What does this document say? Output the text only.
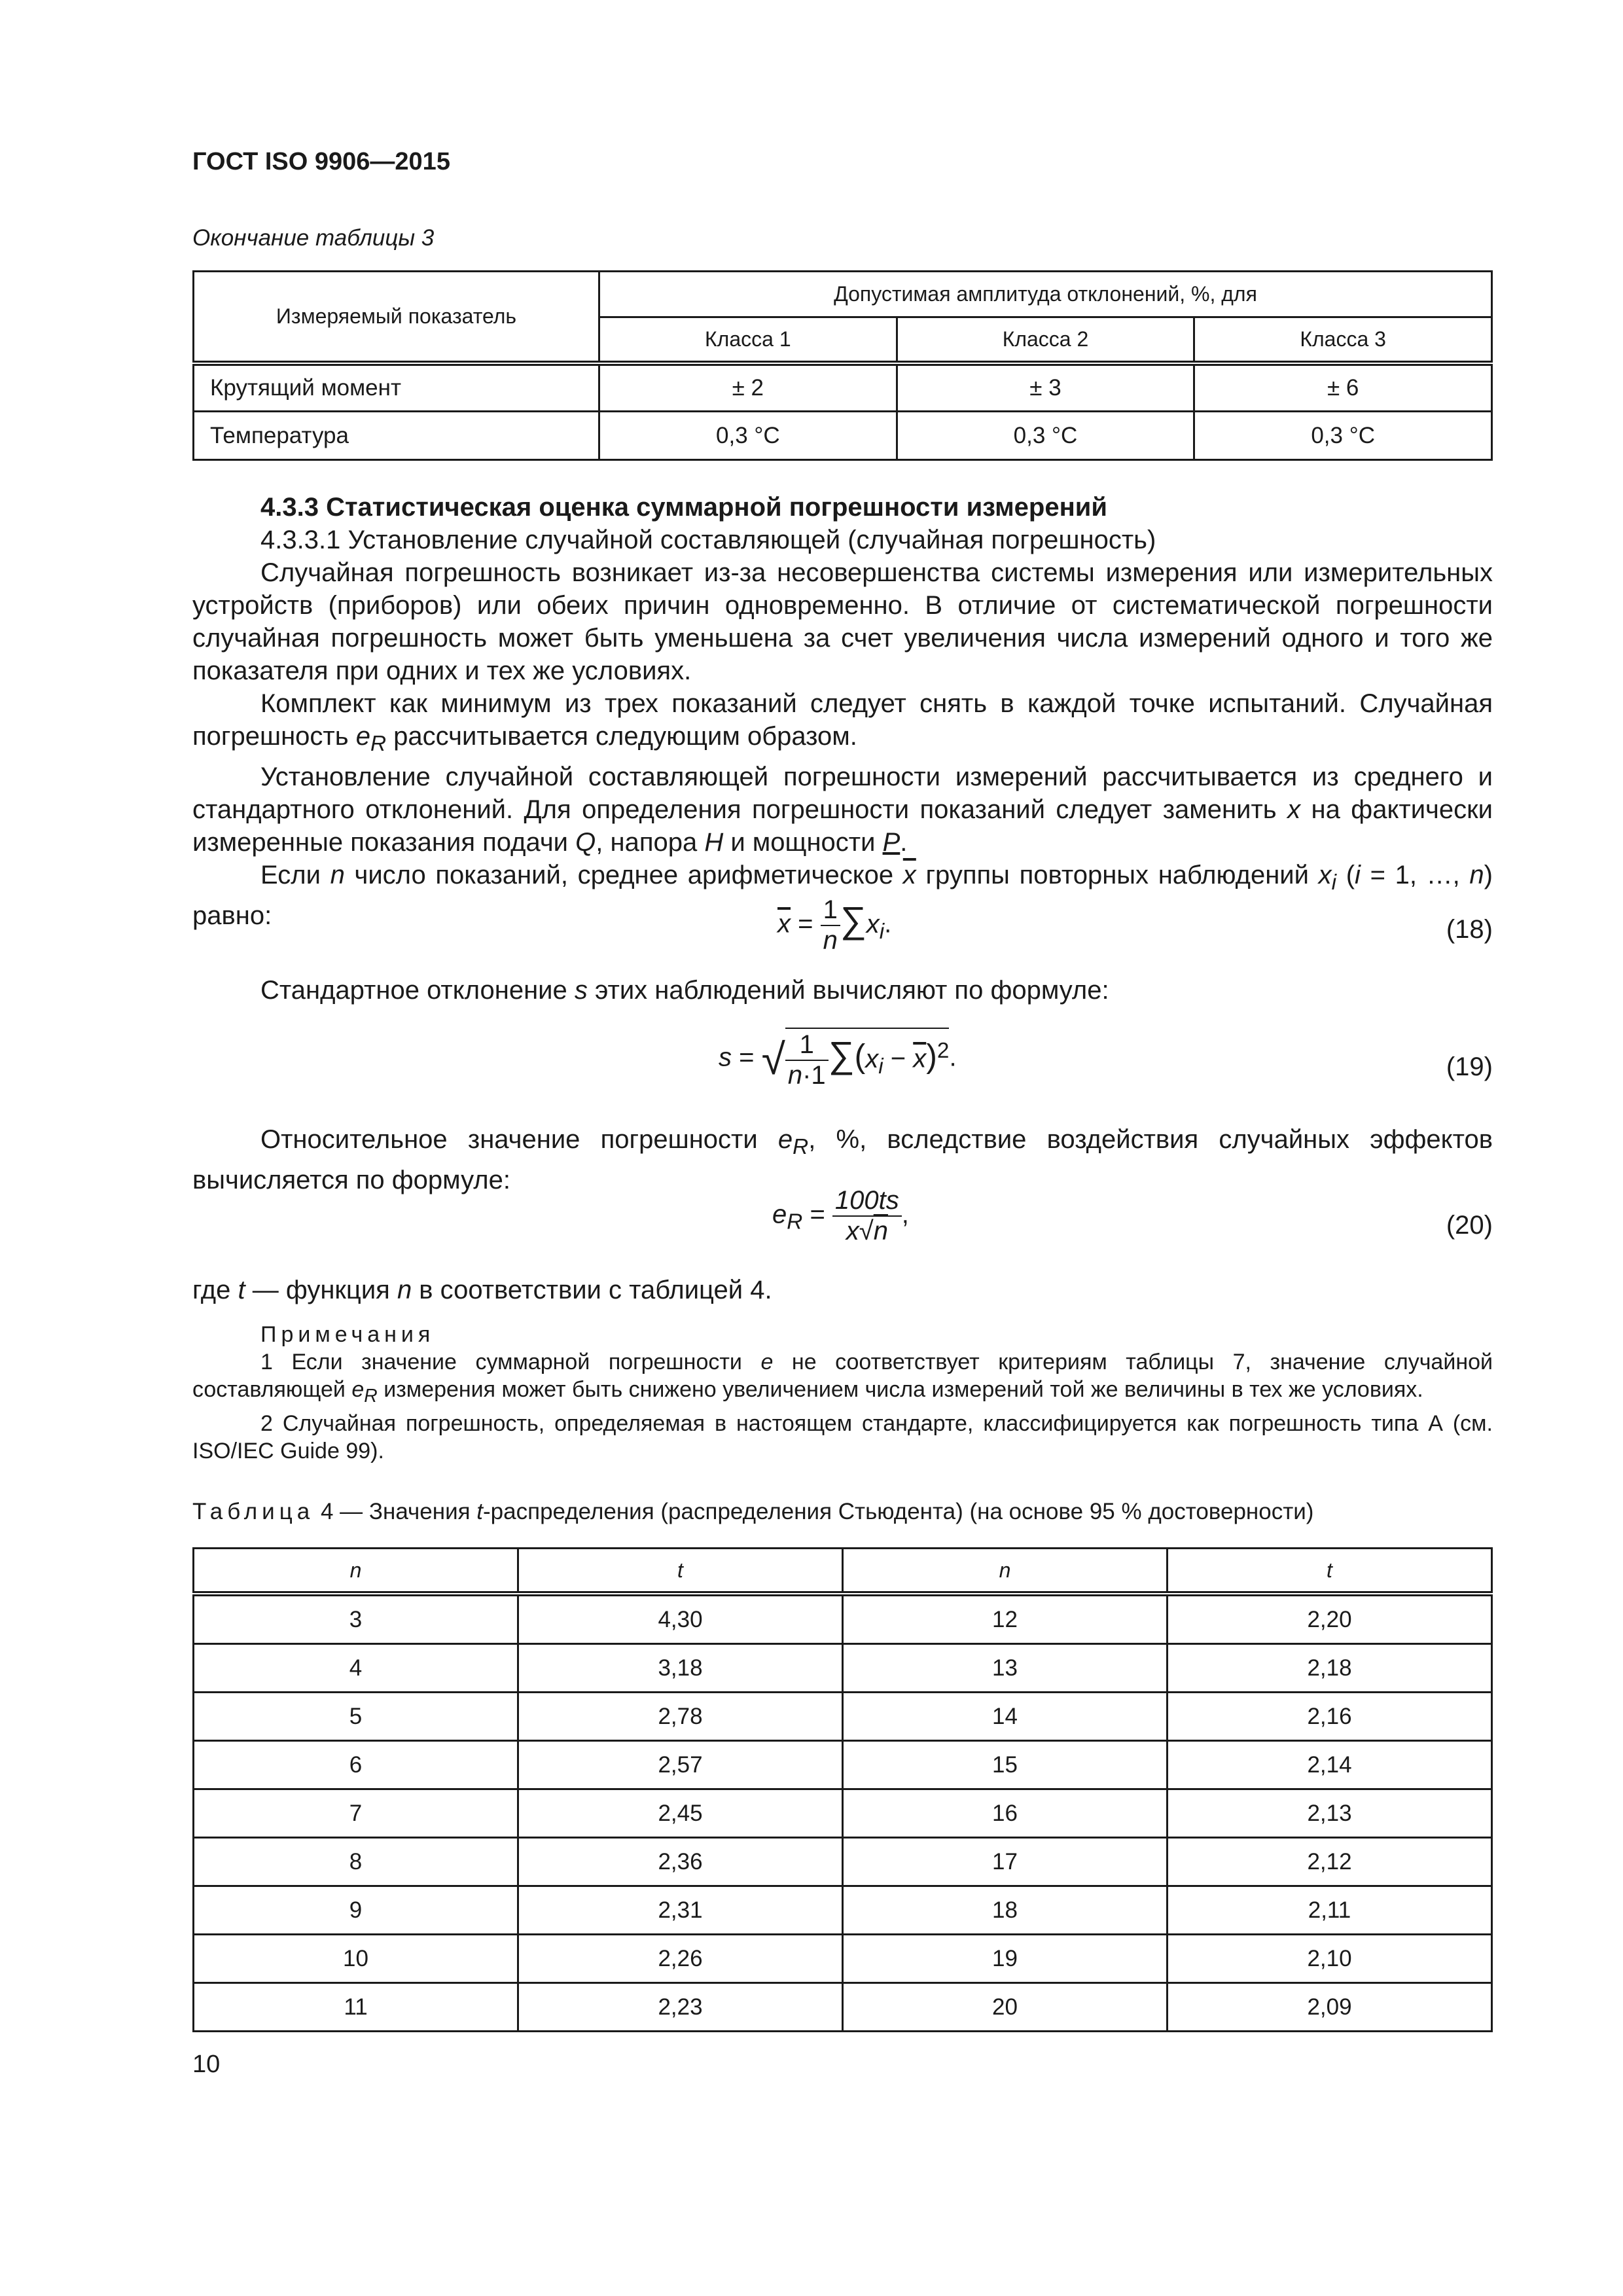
ГОСТ ISO 9906—2015
Окончание таблицы 3
Измеряемый показатель	Допустимая амплитуда отклонений, %, для		
	Класса 1	Класса 2	Класса 3
Крутящий момент	± 2	± 3	± 6
Температура	0,3 °С	0,3 °С	0,3 °С

4.3.3 Статистическая оценка суммарной погрешности измерений

4.3.3.1 Установление случайной составляющей (случайная погрешность)

Случайная погрешность возникает из-за несовершенства системы измерения или измерительных устройств (приборов) или обеих причин одновременно. В отличие от систематической погрешности случайная погрешность может быть уменьшена за счет увеличения числа измерений одного и того же показателя при одних и тех же условиях.

Комплект как минимум из трех показаний следует снять в каждой точке испытаний. Случайная погрешность $e_R$ рассчитывается следующим образом.

Установление случайной составляющей погрешности измерений рассчитывается из среднего и стандартного отклонений. Для определения погрешности показаний следует заменить x на фактически измеренные показания подачи Q, напора H и мощности P.

Если n число показаний, среднее арифметическое $\overline{x}$ группы повторных наблюдений $x_i$ (i = 1, …, n) равно:	$\overline{x} = \frac{1}{n} \sum x_i$.	(18)

Стандартное отклонение s этих наблюдений вычисляют по формуле:

s = √ $\frac{1}{n\cdot 1} \sum(x_i - \overline{x})^2$.	(19)

Относительное значение погрешности $e_R$, %, вследствие воздействия случайных эффектов вычисляется по формуле:

$e_R = \frac{100ts}{x√n}$ ,	(20)

где t — функция n в соответствии с таблицей 4.

Примечания

1 Если значение суммарной погрешности e не соответствует критериям таблицы 7, значение случайной составляющей $e_R$ измерения может быть снижено увеличением числа измерений той же величины в тех же условиях.

2 Случайная погрешность, определяемая в настоящем стандарте, классифицируется как погрешность типа А (см. ISO/IEC Guide 99).

Таблица 4 — Значения t-распределения (распределения Стьюдента) (на основе 95 % достоверности)
n	t	n	t
3	4,30	12	2,20
4	3,18	13	2,18
5	2,78	14	2,16
6	2,57	15	2,14
7	2,45	16	2,13
8	2,36	17	2,12
9	2,31	18	2,11
10	2,26	19	2,10
11	2,23	20	2,09
10
